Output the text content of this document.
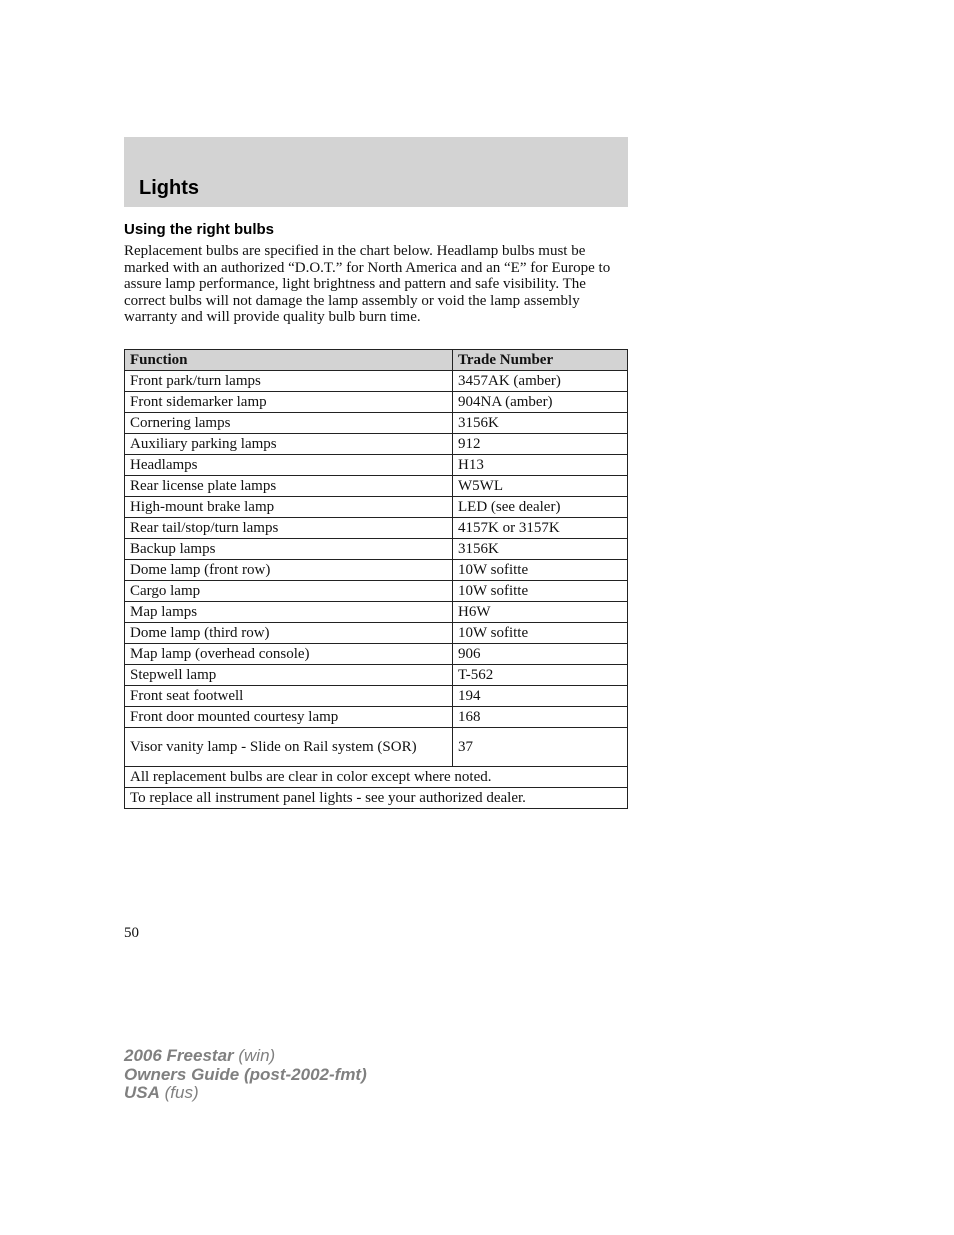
Lights
Using the right bulbs

Replacement bulbs are specified in the chart below. Headlamp bulbs must be marked with an authorized “D.O.T.” for North America and an “E” for Europe to assure lamp performance, light brightness and pattern and safe visibility. The correct bulbs will not damage the lamp assembly or void the lamp assembly warranty and will provide quality bulb burn time.

Function	Trade Number
Front park/turn lamps	3457AK (amber)
Front sidemarker lamp	904NA (amber)
Cornering lamps	3156K
Auxiliary parking lamps	912
Headlamps	H13
Rear license plate lamps	W5WL
High-mount brake lamp	LED (see dealer)
Rear tail/stop/turn lamps	4157K or 3157K
Backup lamps	3156K
Dome lamp (front row)	10W sofitte
Cargo lamp	10W sofitte
Map lamps	H6W
Dome lamp (third row)	10W sofitte
Map lamp (overhead console)	906
Stepwell lamp	T-562
Front seat footwell	194
Front door mounted courtesy lamp	168
Visor vanity lamp - Slide on Rail system (SOR)	37
All replacement bulbs are clear in color except where noted.	
To replace all instrument panel lights - see your authorized dealer.	

50

2006 Freestar (win)
Owners Guide (post-2002-fmt)
USA (fus)
